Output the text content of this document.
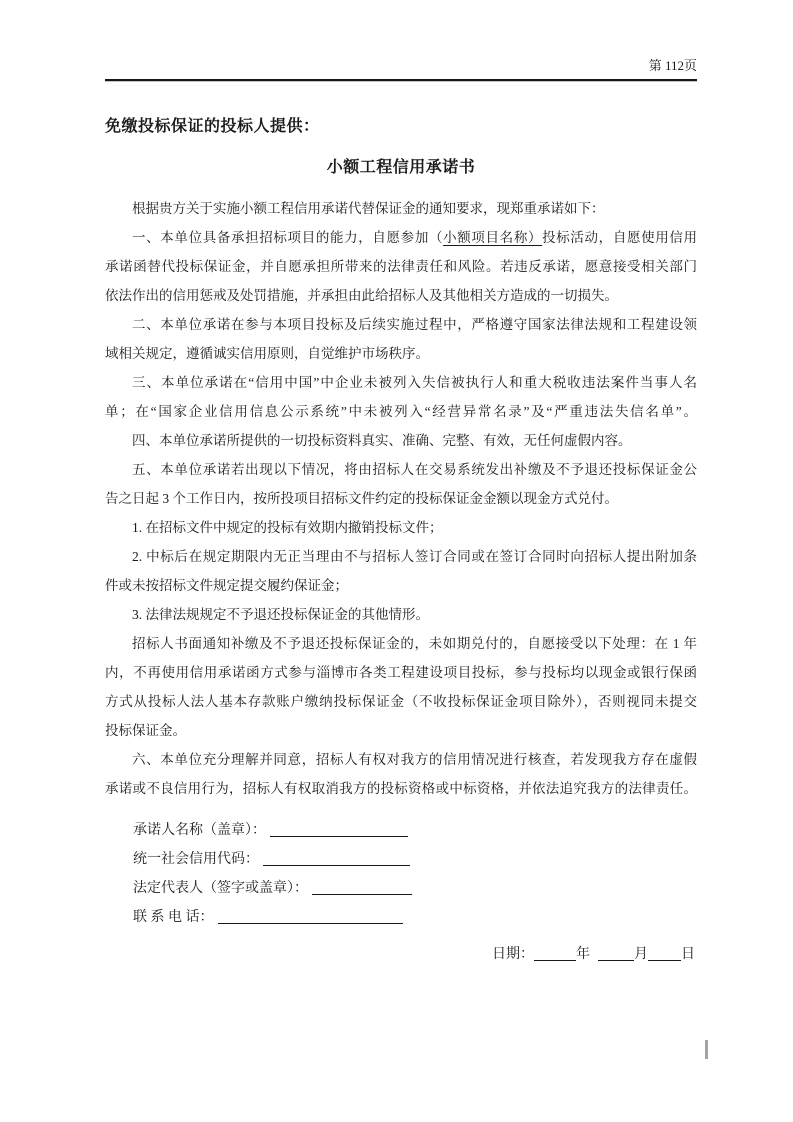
第 112页
免缴投标保证的投标人提供：
小额工程信用承诺书
根据贵方关于实施小额工程信用承诺代替保证金的通知要求，现郑重承诺如下：
一、本单位具备承担招标项目的能力，自愿参加（小额项目名称）投标活动，自愿使用信用
承诺函替代投标保证金，并自愿承担所带来的法律责任和风险。若违反承诺，愿意接受相关部门
依法作出的信用惩戒及处罚措施，并承担由此给招标人及其他相关方造成的一切损失。
二、本单位承诺在参与本项目投标及后续实施过程中，严格遵守国家法律法规和工程建设领
域相关规定，遵循诚实信用原则，自觉维护市场秩序。
三、本单位承诺在“信用中国”中企业未被列入失信被执行人和重大税收违法案件当事人名
单；在“国家企业信用信息公示系统”中未被列入“经营异常名录”及“严重违法失信名单”。
四、本单位承诺所提供的一切投标资料真实、准确、完整、有效，无任何虚假内容。
五、本单位承诺若出现以下情况，将由招标人在交易系统发出补缴及不予退还投标保证金公
告之日起 3 个工作日内，按所投项目招标文件约定的投标保证金金额以现金方式兑付。
1. 在招标文件中规定的投标有效期内撤销投标文件；
2. 中标后在规定期限内无正当理由不与招标人签订合同或在签订合同时向招标人提出附加条
件或未按招标文件规定提交履约保证金；
3. 法律法规规定不予退还投标保证金的其他情形。
招标人书面通知补缴及不予退还投标保证金的，未如期兑付的，自愿接受以下处理：在 1 年
内，不再使用信用承诺函方式参与淄博市各类工程建设项目投标，参与投标均以现金或银行保函
方式从投标人法人基本存款账户缴纳投标保证金（不收投标保证金项目除外），否则视同未提交
投标保证金。
六、本单位充分理解并同意，招标人有权对我方的信用情况进行核查，若发现我方存在虚假
承诺或不良信用行为，招标人有权取消我方的投标资格或中标资格，并依法追究我方的法律责任。
承诺人名称（盖章）：
统一社会信用代码：
法定代表人（签字或盖章）：
联 系 电 话：
日期：	年	月 日
